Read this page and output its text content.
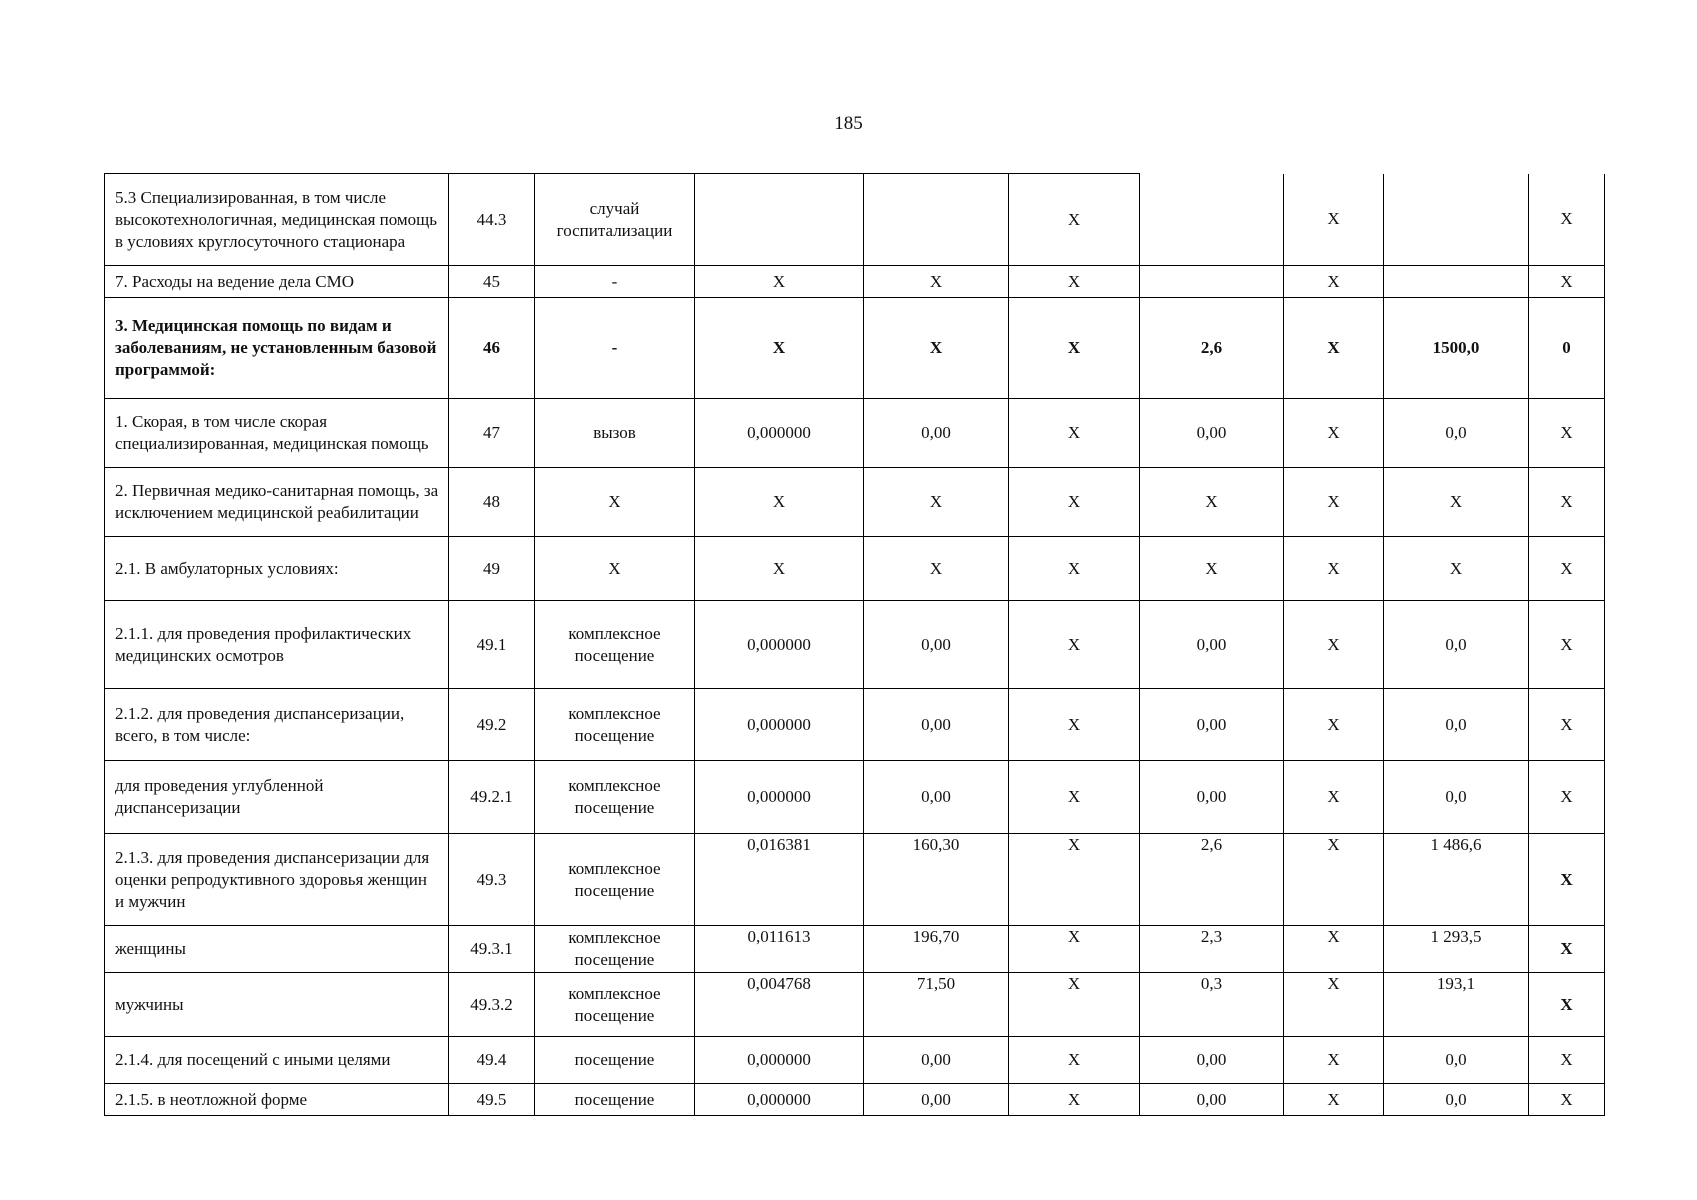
185
5.3 Специализированная, в том числе высокотехнологичная, медицинская помощь в условиях круглосуточного стационара	44.3	случай госпитализации			Х		Х		Х
7. Расходы на ведение дела СМО	45	-	Х	Х	Х		Х		Х
3. Медицинская помощь по видам и заболеваниям, не установленным базовой программой:	46	-	Х	Х	Х	2,6	Х	1500,0	0
1. Скорая, в том числе скорая специализированная, медицинская помощь	47	вызов	0,000000	0,00	Х	0,00	Х	0,0	Х
2. Первичная медико-санитарная помощь, за исключением медицинской реабилитации	48	Х	Х	Х	Х	Х	Х	Х	Х
2.1. В амбулаторных условиях:	49	Х	Х	Х	Х	Х	Х	Х	Х
2.1.1. для проведения профилактических медицинских осмотров	49.1	комплексное посещение	0,000000	0,00	Х	0,00	Х	0,0	Х
2.1.2. для проведения диспансеризации, всего, в том числе:	49.2	комплексное посещение	0,000000	0,00	Х	0,00	Х	0,0	Х
для проведения углубленной диспансеризации	49.2.1	комплексное посещение	0,000000	0,00	Х	0,00	Х	0,0	Х
2.1.3. для проведения диспансеризации для оценки репродуктивного здоровья женщин и мужчин	49.3	комплексное посещение	0,016381	160,30	Х	2,6	Х	1 486,6	Х
женщины	49.3.1	комплексное посещение	0,011613	196,70	Х	2,3	Х	1 293,5	Х
мужчины	49.3.2	комплексное посещение	0,004768	71,50	Х	0,3	Х	193,1	Х
2.1.4. для посещений с иными целями	49.4	посещение	0,000000	0,00	Х	0,00	Х	0,0	Х
2.1.5. в неотложной форме	49.5	посещение	0,000000	0,00	Х	0,00	Х	0,0	Х
